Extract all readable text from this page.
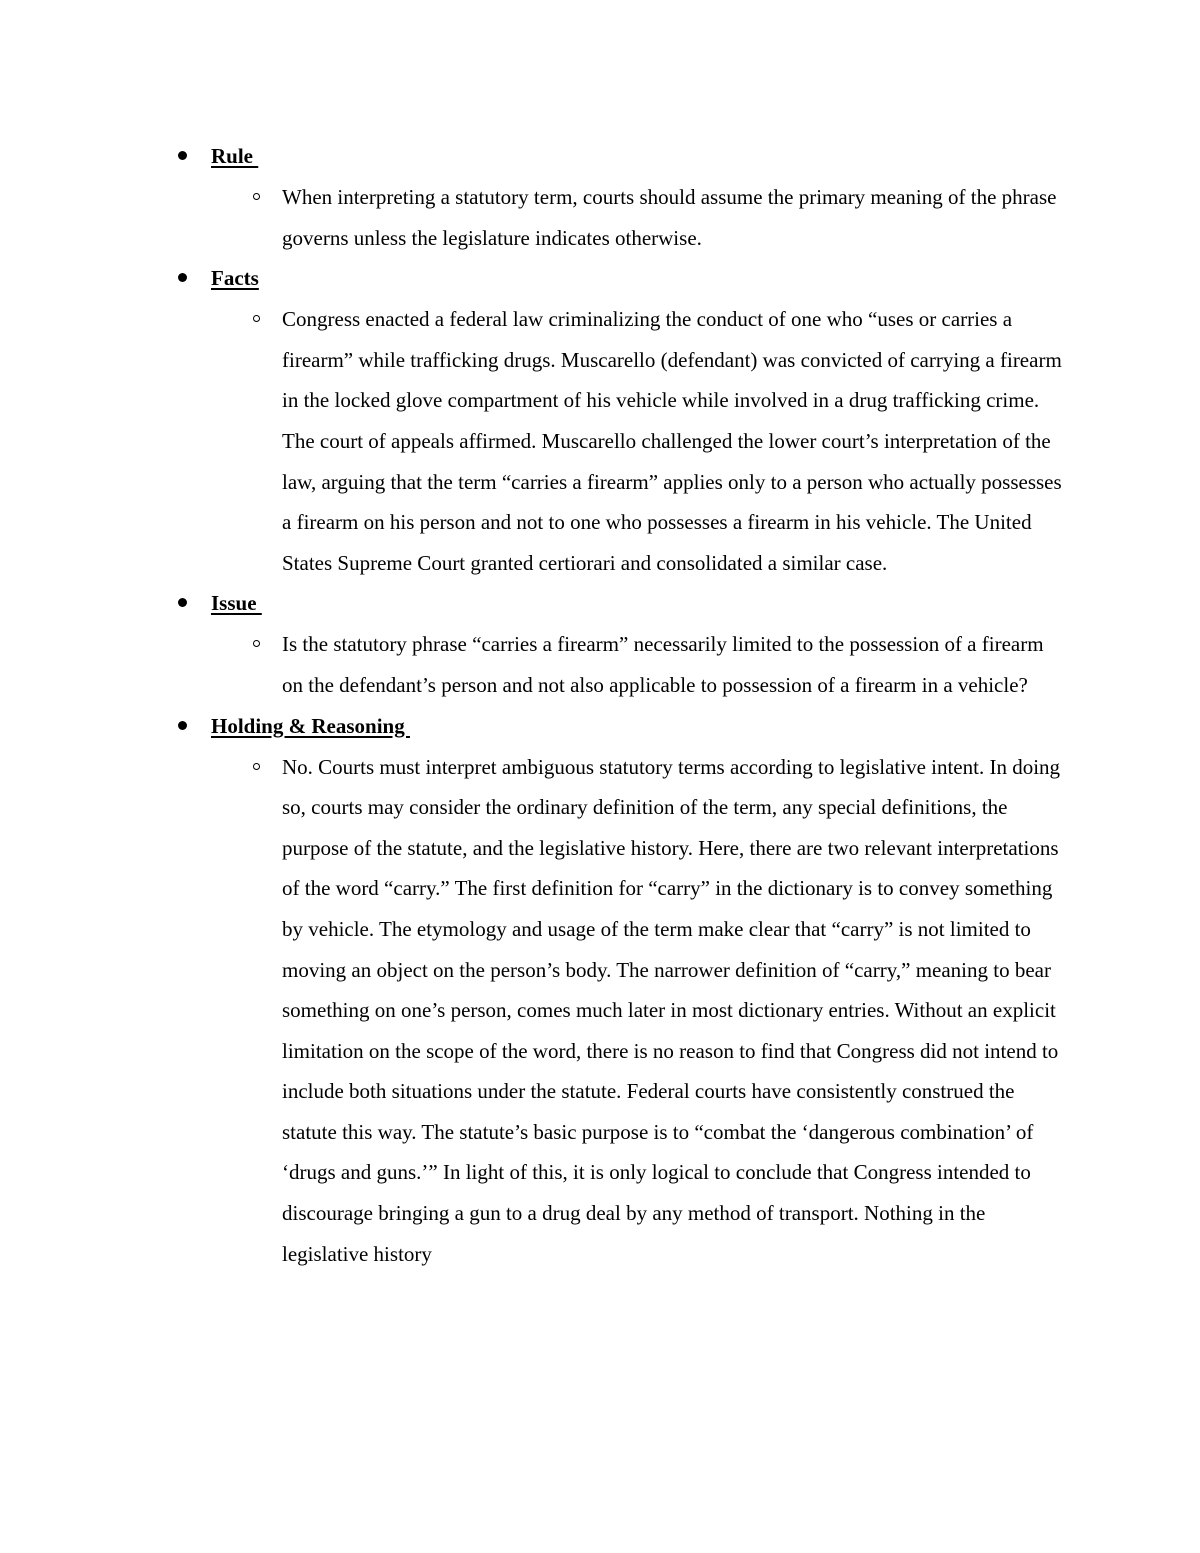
Rule

When interpreting a statutory term, courts should assume the primary meaning of the phrase governs unless the legislature indicates otherwise.

Facts

Congress enacted a federal law criminalizing the conduct of one who “uses or carries a firearm” while trafficking drugs. Muscarello (defendant) was convicted of carrying a firearm in the locked glove compartment of his vehicle while involved in a drug trafficking crime. The court of appeals affirmed. Muscarello challenged the lower court’s interpretation of the law, arguing that the term “carries a firearm” applies only to a person who actually possesses a firearm on his person and not to one who possesses a firearm in his vehicle. The United States Supreme Court granted certiorari and consolidated a similar case.

Issue

Is the statutory phrase “carries a firearm” necessarily limited to the possession of a firearm on the defendant’s person and not also applicable to possession of a firearm in a vehicle?

Holding & Reasoning

No. Courts must interpret ambiguous statutory terms according to legislative intent. In doing so, courts may consider the ordinary definition of the term, any special definitions, the purpose of the statute, and the legislative history. Here, there are two relevant interpretations of the word “carry.” The first definition for “carry” in the dictionary is to convey something by vehicle. The etymology and usage of the term make clear that “carry” is not limited to moving an object on the person’s body. The narrower definition of “carry,” meaning to bear something on one’s person, comes much later in most dictionary entries. Without an explicit limitation on the scope of the word, there is no reason to find that Congress did not intend to include both situations under the statute. Federal courts have consistently construed the statute this way. The statute’s basic purpose is to “combat the ‘dangerous combination’ of ‘drugs and guns.’” In light of this, it is only logical to conclude that Congress intended to discourage bringing a gun to a drug deal by any method of transport. Nothing in the legislative history
